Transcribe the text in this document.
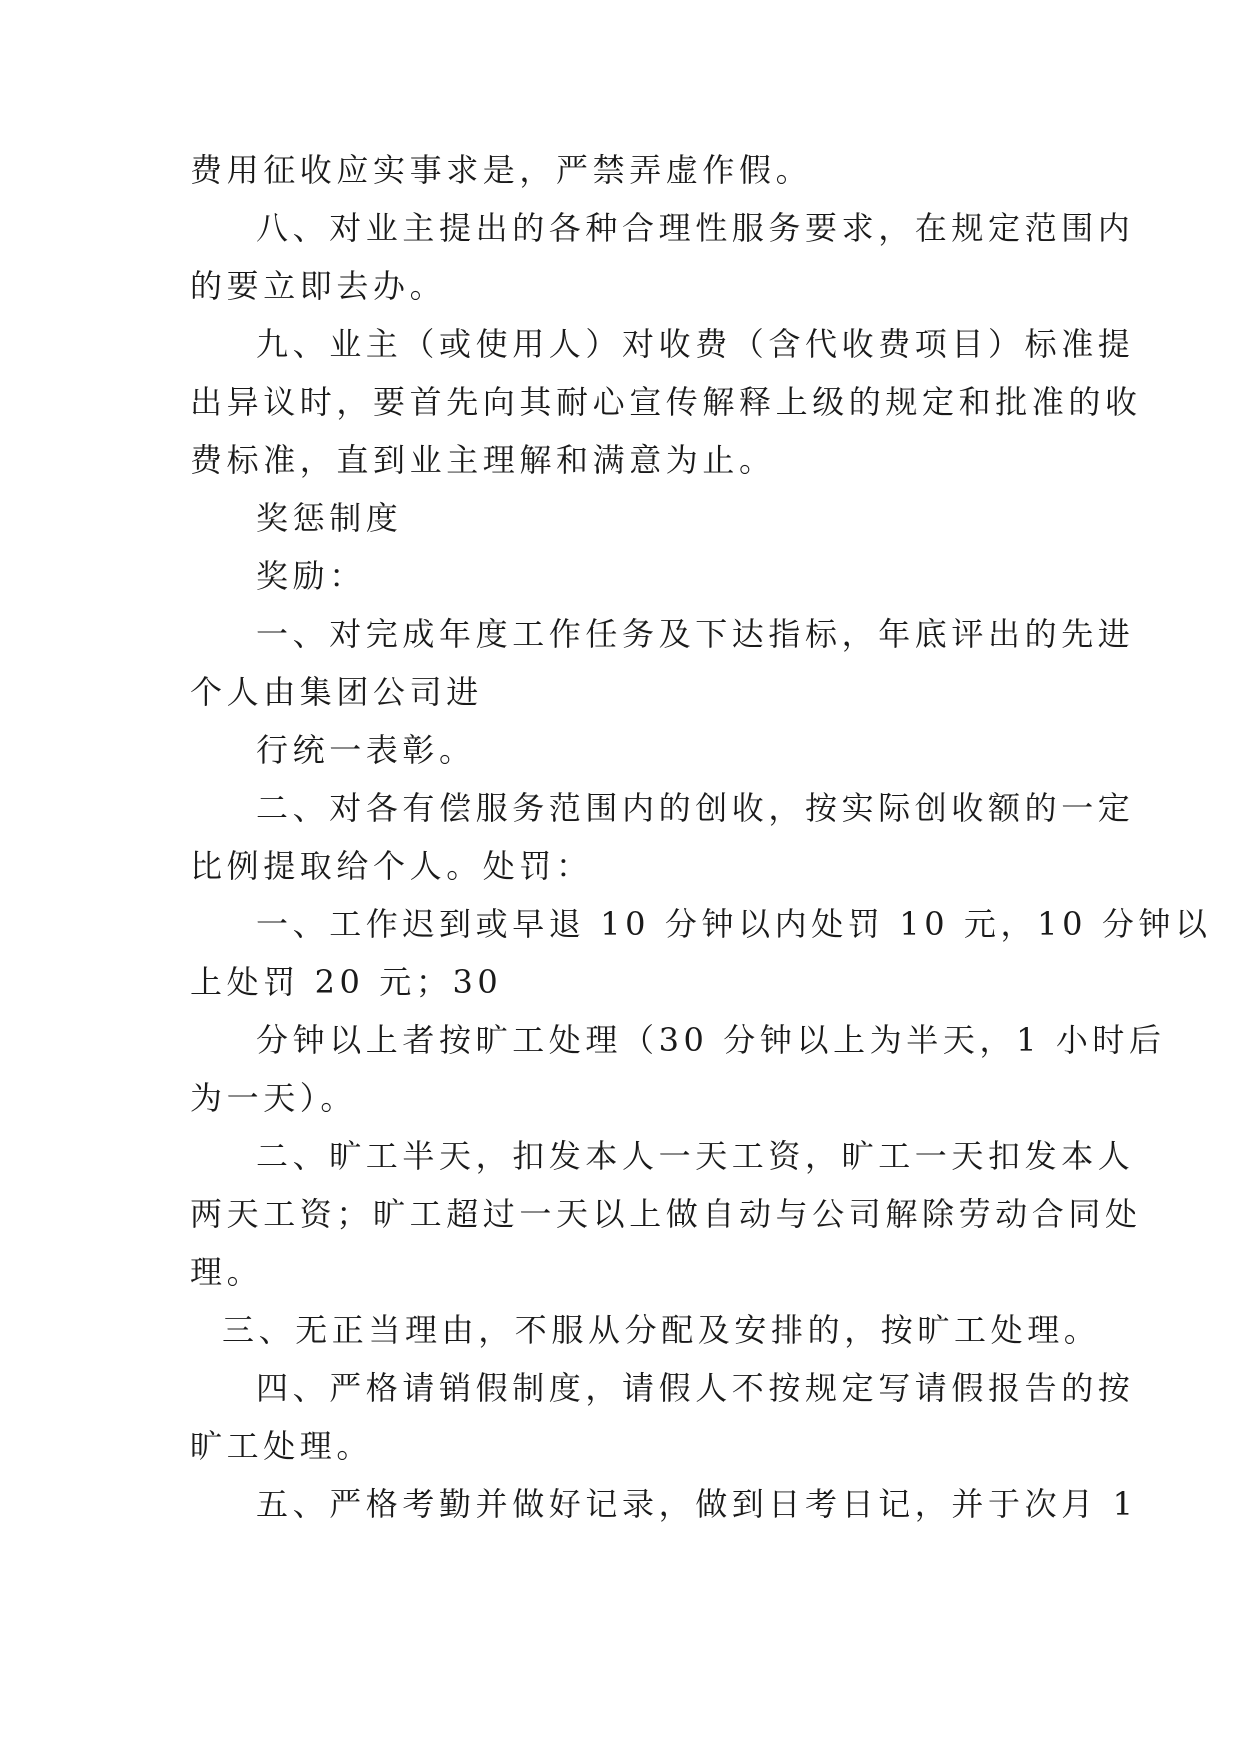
费用征收应实事求是，严禁弄虚作假。
八、对业主提出的各种合理性服务要求，在规定范围内
的要立即去办。
九、业主（或使用人）对收费（含代收费项目）标准提
出异议时，要首先向其耐心宣传解释上级的规定和批准的收
费标准，直到业主理解和满意为止。
奖惩制度
奖励：
一、对完成年度工作任务及下达指标，年底评出的先进
个人由集团公司进
行统一表彰。
二、对各有偿服务范围内的创收，按实际创收额的一定
比例提取给个人。处罚：
一、工作迟到或早退 10 分钟以内处罚 10 元，10 分钟以
上处罚 20 元；30
分钟以上者按旷工处理（30 分钟以上为半天，1 小时后
为一天）。
二、旷工半天，扣发本人一天工资，旷工一天扣发本人
两天工资；旷工超过一天以上做自动与公司解除劳动合同处
理。
三、无正当理由，不服从分配及安排的，按旷工处理。
四、严格请销假制度，请假人不按规定写请假报告的按
旷工处理。
五、严格考勤并做好记录，做到日考日记，并于次月 1
